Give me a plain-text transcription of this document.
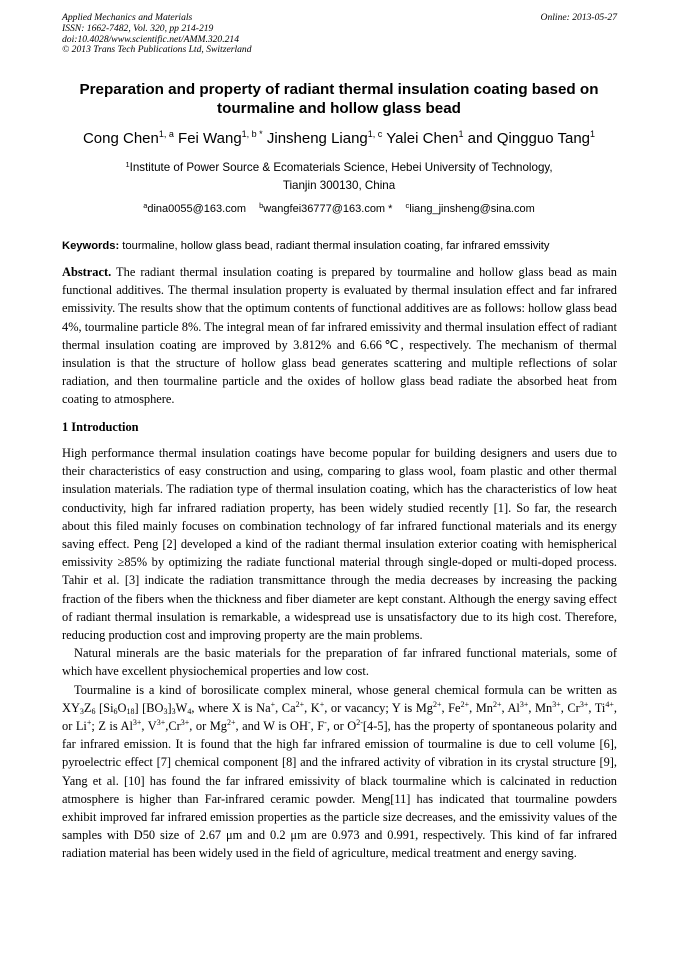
Applied Mechanics and Materials
ISSN: 1662-7482, Vol. 320, pp 214-219
doi:10.4028/www.scientific.net/AMM.320.214
© 2013 Trans Tech Publications Ltd, Switzerland
Online: 2013-05-27
Preparation and property of radiant thermal insulation coating based on tourmaline and hollow glass bead
Cong Chen$^{1, a}$ Fei Wang$^{1, b *}$ Jinsheng Liang$^{1, c}$ Yalei Chen$^1$ and Qingguo Tang$^1$
$^1$Institute of Power Source & Ecomaterials Science, Hebei University of Technology,
Tianjin 300130, China
$^a$dina0055@163.com $^b$wangfei36777@163.com * $^c$liang_jinsheng@sina.com
Keywords: tourmaline, hollow glass bead, radiant thermal insulation coating, far infrared emssivity

Abstract. The radiant thermal insulation coating is prepared by tourmaline and hollow glass bead as main functional additives. The thermal insulation property is evaluated by thermal insulation effect and far infrared emissivity. The results show that the optimum contents of functional additives are as follows: hollow glass bead 4%, tourmaline particle 8%. The integral mean of far infrared emissivity and thermal insulation effect of radiant thermal insulation coating are improved by 3.812% and 6.66℃, respectively. The mechanism of thermal insulation is that the structure of hollow glass bead generates scattering and multiple reflections of solar radiation, and then tourmaline particle and the oxides of hollow glass bead radiate the absorbed heat from coating to atmosphere.

1 Introduction

High performance thermal insulation coatings have become popular for building designers and users due to their characteristics of easy construction and using, comparing to glass wool, foam plastic and other thermal insulation materials. The radiation type of thermal insulation coating, which has the characteristics of low heat conductivity, high far infrared radiation property, has been widely studied recently [1]. So far, the research about this filed mainly focuses on combination technology of far infrared functional materials and its energy saving effect. Peng [2] developed a kind of the radiant thermal insulation exterior coating with hemispherical emissivity ≥85% by optimizing the radiate functional material through single-doped or multi-doped process. Tahir et al. [3] indicate the radiation transmittance through the media decreases by increasing the packing fraction of the fibers when the thickness and fiber diameter are kept constant. Although the energy saving effect of radiant thermal insulation is remarkable, a widespread use is unsatisfactory due to its high cost. Therefore, reducing production cost and improving property are the main problems.

Natural minerals are the basic materials for the preparation of far infrared functional materials, some of which have excellent physiochemical properties and low cost.

Tourmaline is a kind of borosilicate complex mineral, whose general chemical formula can be written as $XY_3Z_6$ $[Si_6O_{18}]$ $[BO_3]_3W_4$, where X is Na+, $Ca^{2+}$, K+, or vacancy; Y is $Mg^{2+}$, $Fe^{2+}$, $Mn^{2+}$, $Al^{3+}$, $Mn^{3+}$, $Cr^{3+}$, $Ti^{4+}$, or Li+; Z is $Al^{3+}$, $V^{3+},Cr^{3+}$, or $Mg^{2+}$, and W is OH-, F-, or $O^{2-}[4-5]$, has the property of spontaneous polarity and far infrared emission. It is found that the high far infrared emission of tourmaline is due to cell volume [6], pyroelectric effect [7] chemical component [8] and the infrared activity of vibration in its crystal structure [9], Yang et al. [10] has found the far infrared emissivity of black tourmaline which is calcinated in reduction atmosphere is higher than Far-infrared ceramic powder. Meng[11] has indicated that tourmaline powders exhibit improved far infrared emission properties as the particle size decreases, and the emissivity values of the samples with D50 size of 2.67 μm and 0.2 μm are 0.973 and 0.991, respectively. This kind of far infrared radiation material has been widely used in the field of agriculture, medical treatment and energy saving.
